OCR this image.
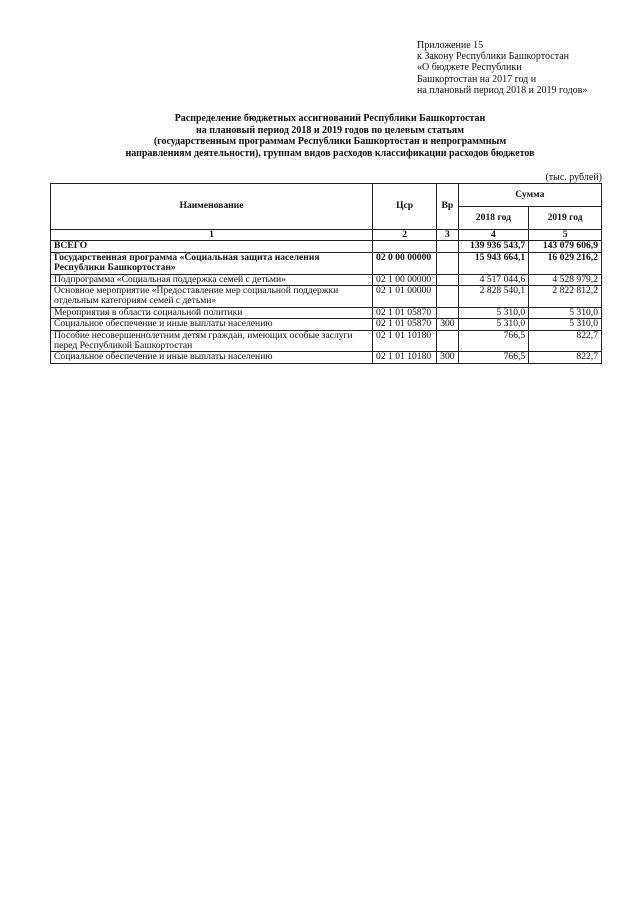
Приложение 15
к Закону Республики Башкортостан
«О бюджете Республики
Башкортостан на 2017 год и
на плановый период 2018 и 2019 годов»
Распределение бюджетных ассигнований Республики Башкортостан
на плановый период 2018 и 2019 годов по целевым статьям
(государственным программам Республики Башкортостан и непрограммным
направлениям деятельности), группам видов расходов классификации расходов бюджетов
(тыс. рублей)
Наименование	Цср	Вр	Сумма	
			2018 год	2019 год
1	2	3	4	5
ВСЕГО			139 936 543,7	143 079 606,9
Государственная программа «Социальная защита населения Республики Башкортостан»	02 0 00 00000		15 943 664,1	16 029 216,2
Подпрограмма «Социальная поддержка семей с детьми»	02 1 00 00000		4 517 044,6	4 528 979,2
Основное мероприятие «Предоставление мер социальной поддержки отдельным категориям семей с детьми»	02 1 01 00000		2 828 540,1	2 822 812,2
Мероприятия в области социальной политики	02 1 01 05870		5 310,0	5 310,0
Социальное обеспечение и иные выплаты населению	02 1 01 05870	300	5 310,0	5 310,0
Пособие несовершеннолетним детям граждан, имеющих особые заслуги перед Республикой Башкортостан	02 1 01 10180		766,5	822,7
Социальное обеспечение и иные выплаты населению	02 1 01 10180	300	766,5	822,7
